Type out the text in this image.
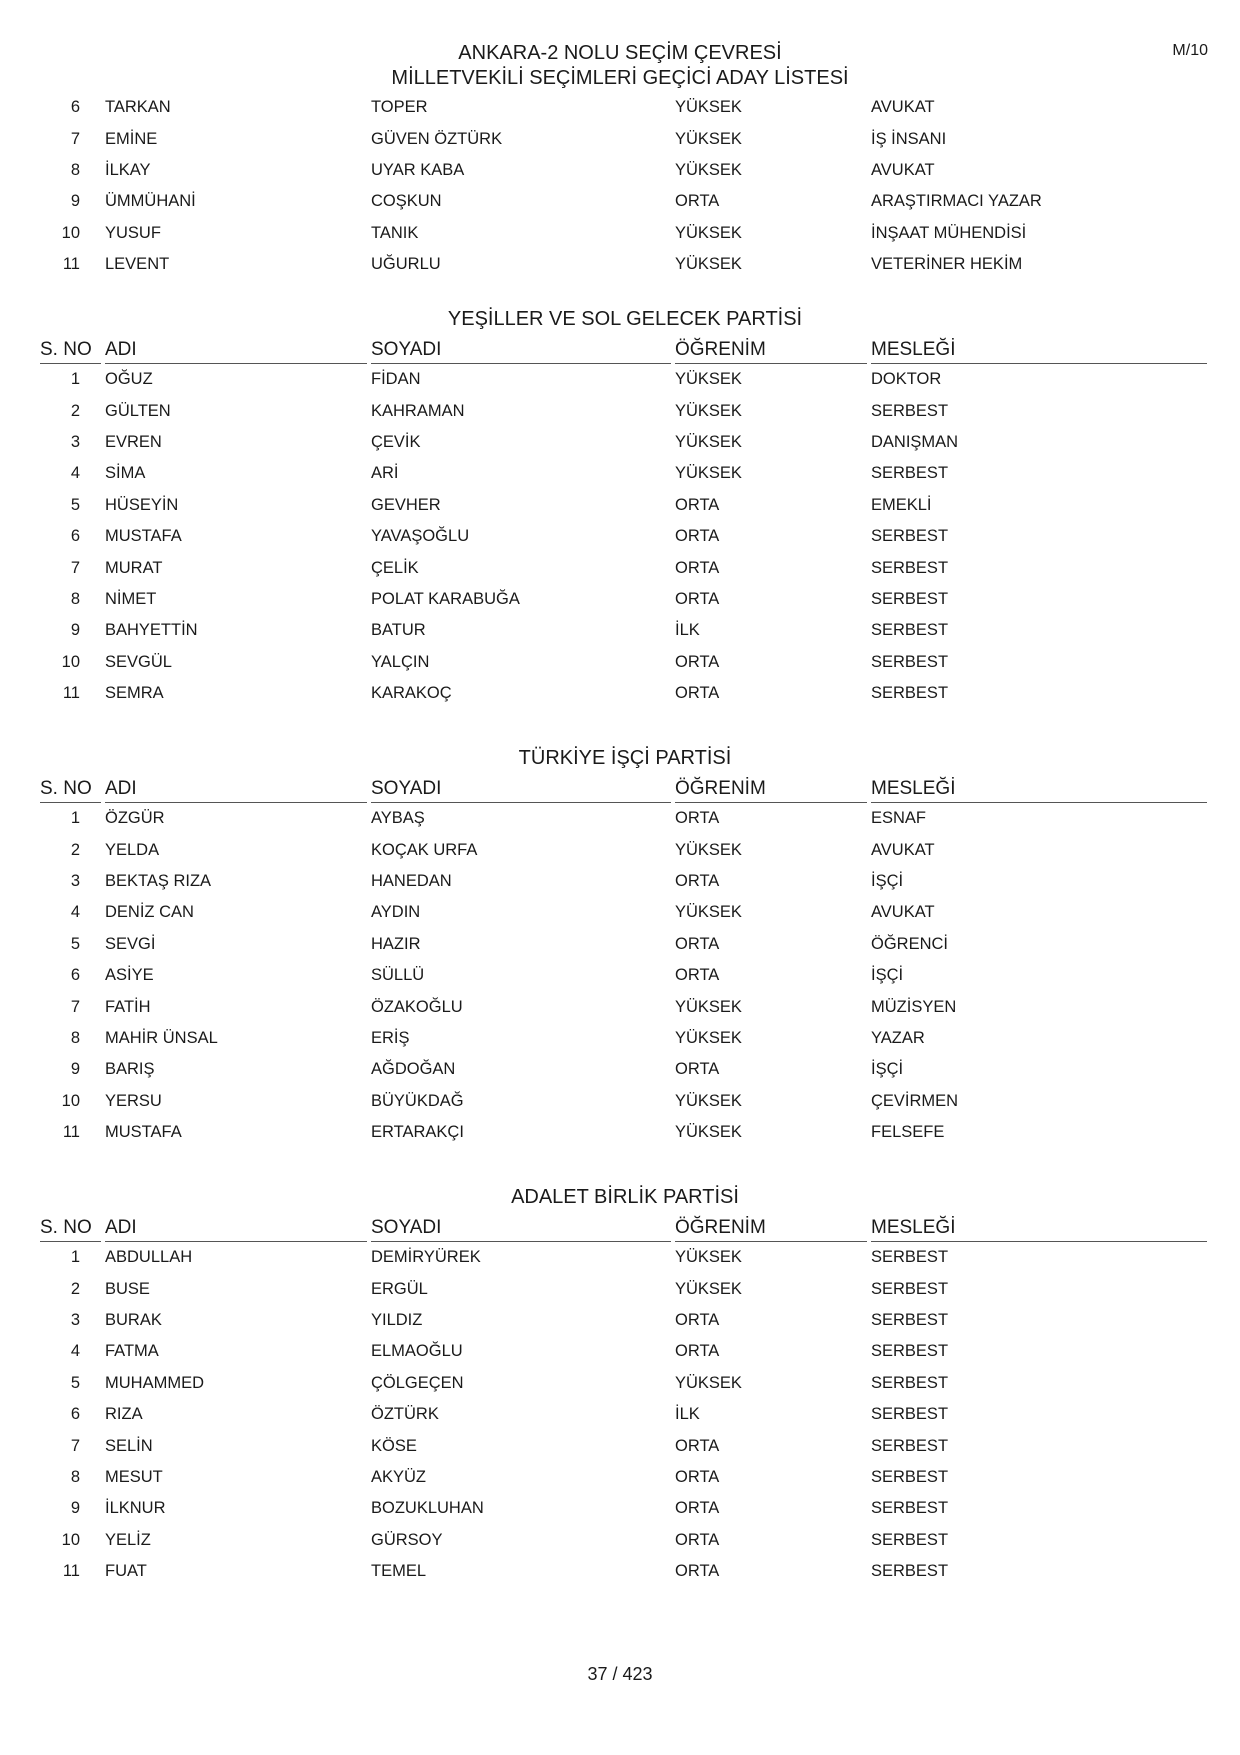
ANKARA-2 NOLU SEÇİM ÇEVRESİ
MİLLETVEKİLİ SEÇİMLERİ GEÇİCİ ADAY LİSTESİ
M/10
6 TARKAN	TOPER	YÜKSEK	AVUKAT
7 EMİNE	GÜVEN ÖZTÜRK	YÜKSEK	İŞ İNSANI
8 İLKAY	UYAR KABA	YÜKSEK	AVUKAT
9 ÜMMÜHANİ	COŞKUN	ORTA	ARAŞTIRMACI YAZAR
10 YUSUF	TANIK	YÜKSEK	İNŞAAT MÜHENDİSİ
11 LEVENT	UĞURLU	YÜKSEK	VETERİNER HEKİM
YEŞİLLER VE SOL GELECEK PARTİSİ
S. NO ADI	SOYADI	ÖĞRENİM	MESLEĞİ
1 OĞUZ	FİDAN	YÜKSEK	DOKTOR
2 GÜLTEN	KAHRAMAN	YÜKSEK	SERBEST
3 EVREN	ÇEVİK	YÜKSEK	DANIŞMAN
4 SİMA	ARİ	YÜKSEK	SERBEST
5 HÜSEYİN	GEVHER	ORTA	EMEKLİ
6 MUSTAFA	YAVAŞOĞLU	ORTA	SERBEST
7 MURAT	ÇELİK	ORTA	SERBEST
8 NİMET	POLAT KARABUĞA	ORTA	SERBEST
9 BAHYETTİN	BATUR	İLK	SERBEST
10 SEVGÜL	YALÇIN	ORTA	SERBEST
11 SEMRA	KARAKOÇ	ORTA	SERBEST
TÜRKİYE İŞÇİ PARTİSİ
S. NO ADI	SOYADI	ÖĞRENİM	MESLEĞİ
1 ÖZGÜR	AYBAŞ	ORTA	ESNAF
2 YELDA	KOÇAK URFA	YÜKSEK	AVUKAT
3 BEKTAŞ RIZA	HANEDAN	ORTA	İŞÇİ
4 DENİZ CAN	AYDIN	YÜKSEK	AVUKAT
5 SEVGİ	HAZIR	ORTA	ÖĞRENCİ
6 ASİYE	SÜLLÜ	ORTA	İŞÇİ
7 FATİH	ÖZAKOĞLU	YÜKSEK	MÜZİSYEN
8 MAHİR ÜNSAL	ERİŞ	YÜKSEK	YAZAR
9 BARIŞ	AĞDOĞAN	ORTA	İŞÇİ
10 YERSU	BÜYÜKDAĞ	YÜKSEK	ÇEVİRMEN
11 MUSTAFA	ERTARAKÇI	YÜKSEK	FELSEFE
ADALET BİRLİK PARTİSİ
S. NO ADI	SOYADI	ÖĞRENİM	MESLEĞİ
1 ABDULLAH	DEMİRYÜREK	YÜKSEK	SERBEST
2 BUSE	ERGÜL	YÜKSEK	SERBEST
3 BURAK	YILDIZ	ORTA	SERBEST
4 FATMA	ELMAOĞLU	ORTA	SERBEST
5 MUHAMMED	ÇÖLGEÇEN	YÜKSEK	SERBEST
6 RIZA	ÖZTÜRK	İLK	SERBEST
7 SELİN	KÖSE	ORTA	SERBEST
8 MESUT	AKYÜZ	ORTA	SERBEST
9 İLKNUR	BOZUKLUHAN	ORTA	SERBEST
10 YELİZ	GÜRSOY	ORTA	SERBEST
11 FUAT	TEMEL	ORTA	SERBEST
37 / 423
